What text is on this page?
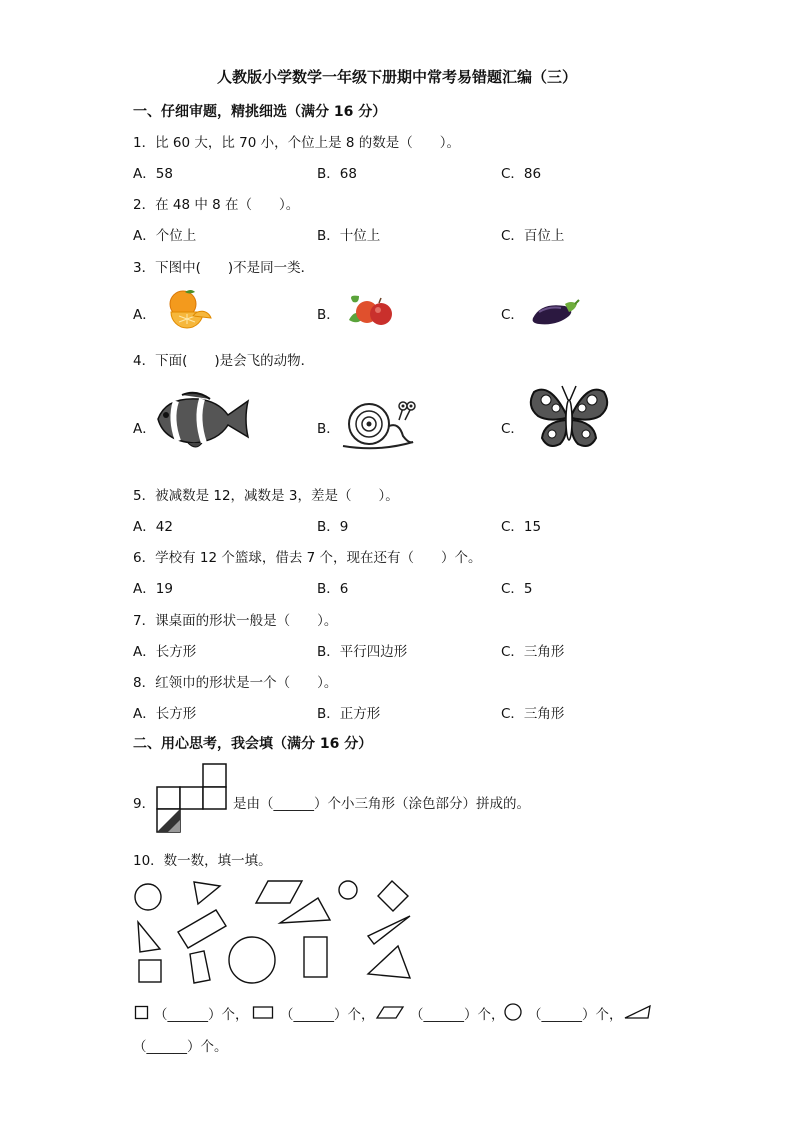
人教版小学数学一年级下册期中常考易错题汇编（三）
一、仔细审题，精挑细选（满分 16 分）
1．比 60 大，比 70 小，个位上是 8 的数是（　　）。
A．58	B．68	C．86
2．在 48 中 8 在（　　）。
A．个位上	B．十位上	C．百位上
3．下图中(　　)不是同一类．
A．	B．	C．
4．下面(　　)是会飞的动物．
A．	B．	C．
5．被减数是 12，减数是 3，差是（　　）。
A．42	B．9	C．15
6．学校有 12 个篮球，借去 7 个，现在还有（　　）个。
A．19	B．6	C．5
7．课桌面的形状一般是（　　）。
A．长方形	B．平行四边形	C．三角形
8．红领巾的形状是一个（　　）。
A．长方形	B．正方形	C．三角形
二、用心思考，我会填（满分 16 分）
9．	是由（______）个小三角形（涂色部分）拼成的。
10．数一数，填一填。
（______）个， （______）个，	（______）个， （______）个，
（______）个。
